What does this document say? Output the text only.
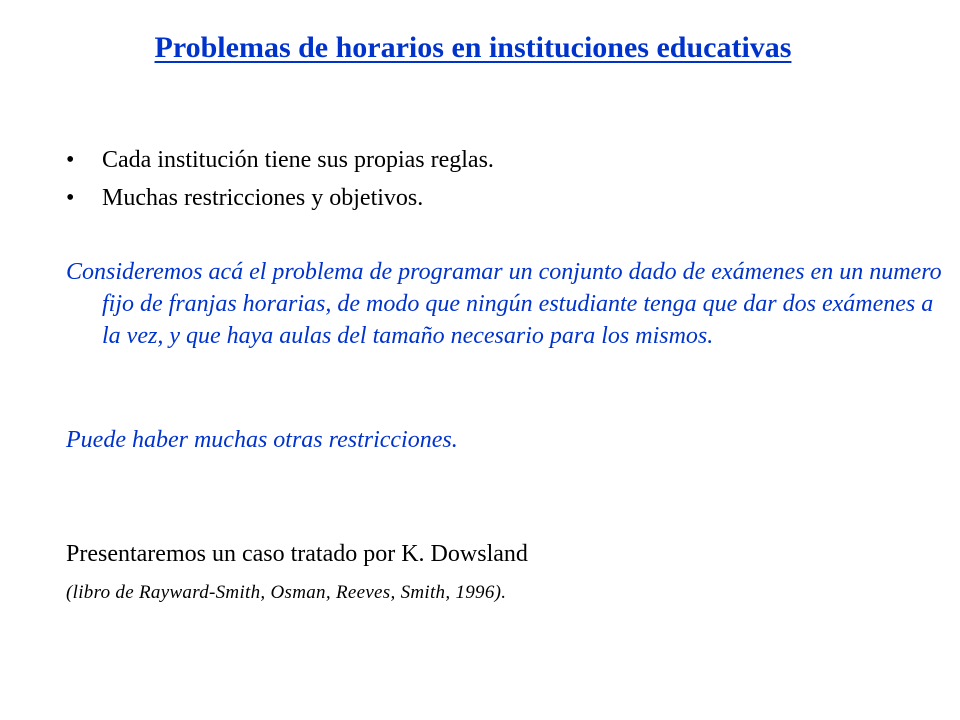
Problemas de horarios en instituciones educativas
• Cada institución tiene sus propias reglas.
• Muchas restricciones y objetivos.

Consideremos acá el problema de programar un conjunto dado de exámenes en un numero fijo de franjas horarias, de modo que ningún estudiante tenga que dar dos exámenes a la vez, y que haya aulas del tamaño necesario para los mismos.

Puede haber muchas otras restricciones.

Presentaremos un caso tratado por K. Dowsland

(libro de Rayward-Smith, Osman, Reeves, Smith, 1996).
